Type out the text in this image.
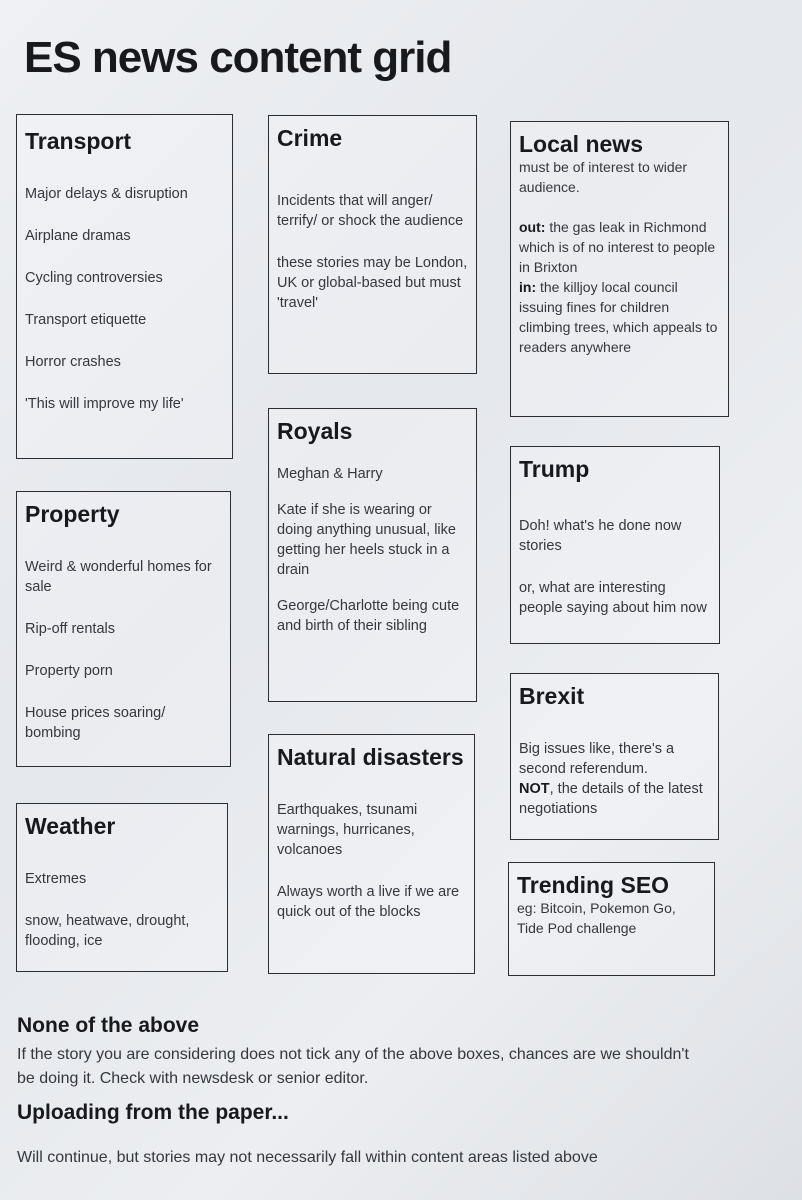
ES news content grid
Transport

Major delays & disruption

Airplane dramas

Cycling controversies

Transport etiquette

Horror crashes

'This will improve my life'

Crime

Incidents that will anger/ terrify/ or shock the audience

these stories may be London, UK or global-based but must 'travel'

Local news

must be of interest to wider audience.

out: the gas leak in Richmond which is of no interest to people in Brixton

in: the killjoy local council issuing fines for children climbing trees, which appeals to readers anywhere

Royals

Meghan & Harry

Kate if she is wearing or doing anything unusual, like getting her heels stuck in a drain

George/Charlotte being cute and birth of their sibling

Trump

Doh! what's he done now stories

or, what are interesting people saying about him now

Property

Weird & wonderful homes for sale

Rip-off rentals

Property porn

House prices soaring/ bombing

Brexit

Big issues like, there's a second referendum.
NOT, the details of the latest negotiations

Natural disasters

Earthquakes, tsunami warnings, hurricanes, volcanoes

Always worth a live if we are quick out of the blocks

Weather

Extremes

snow, heatwave, drought, flooding, ice

Trending SEO

eg: Bitcoin, Pokemon Go, Tide Pod challenge

None of the above
If the story you are considering does not tick any of the above boxes, chances are we shouldn't be doing it. Check with newsdesk or senior editor.
Uploading from the paper...
Will continue, but stories may not necessarily fall within content areas listed above
